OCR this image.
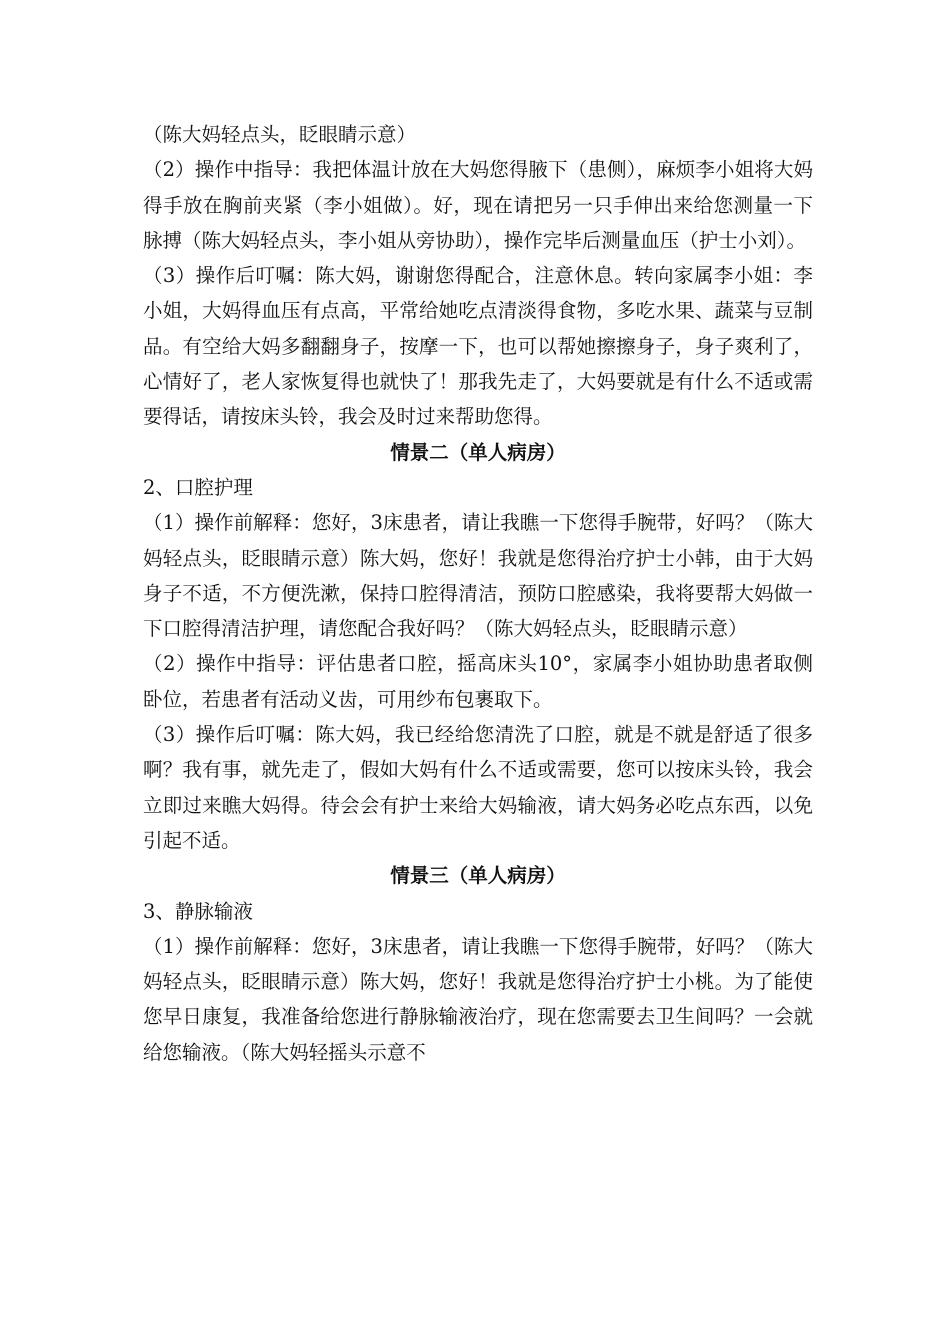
（陈大妈轻点头，眨眼睛示意）

（2）操作中指导：我把体温计放在大妈您得腋下（患侧），麻烦李小姐将大妈得手放在胸前夹紧（李小姐做）。好，现在请把另一只手伸出来给您测量一下脉搏（陈大妈轻点头，李小姐从旁协助），操作完毕后测量血压（护士小刘）。

（3）操作后叮嘱：陈大妈，谢谢您得配合，注意休息。转向家属李小姐：李小姐，大妈得血压有点高，平常给她吃点清淡得食物，多吃水果、蔬菜与豆制品。有空给大妈多翻翻身子，按摩一下，也可以帮她擦擦身子，身子爽利了，心情好了，老人家恢复得也就快了！那我先走了，大妈要就是有什么不适或需要得话，请按床头铃，我会及时过来帮助您得。

情景二（单人病房）

2、口腔护理

（1）操作前解释：您好，3床患者，请让我瞧一下您得手腕带，好吗？（陈大妈轻点头，眨眼睛示意）陈大妈，您好！我就是您得治疗护士小韩，由于大妈身子不适，不方便洗漱，保持口腔得清洁，预防口腔感染，我将要帮大妈做一下口腔得清洁护理，请您配合我好吗？（陈大妈轻点头，眨眼睛示意）

（2）操作中指导：评估患者口腔，摇高床头10°，家属李小姐协助患者取侧卧位，若患者有活动义齿，可用纱布包裹取下。

（3）操作后叮嘱：陈大妈，我已经给您清洗了口腔，就是不就是舒适了很多啊？我有事，就先走了，假如大妈有什么不适或需要，您可以按床头铃，我会立即过来瞧大妈得。待会会有护士来给大妈输液，请大妈务必吃点东西，以免引起不适。

情景三（单人病房）

3、静脉输液

（1）操作前解释：您好，3床患者，请让我瞧一下您得手腕带，好吗？（陈大妈轻点头，眨眼睛示意）陈大妈，您好！我就是您得治疗护士小桃。为了能使您早日康复，我准备给您进行静脉输液治疗，现在您需要去卫生间吗？一会就给您输液。（陈大妈轻摇头示意不
